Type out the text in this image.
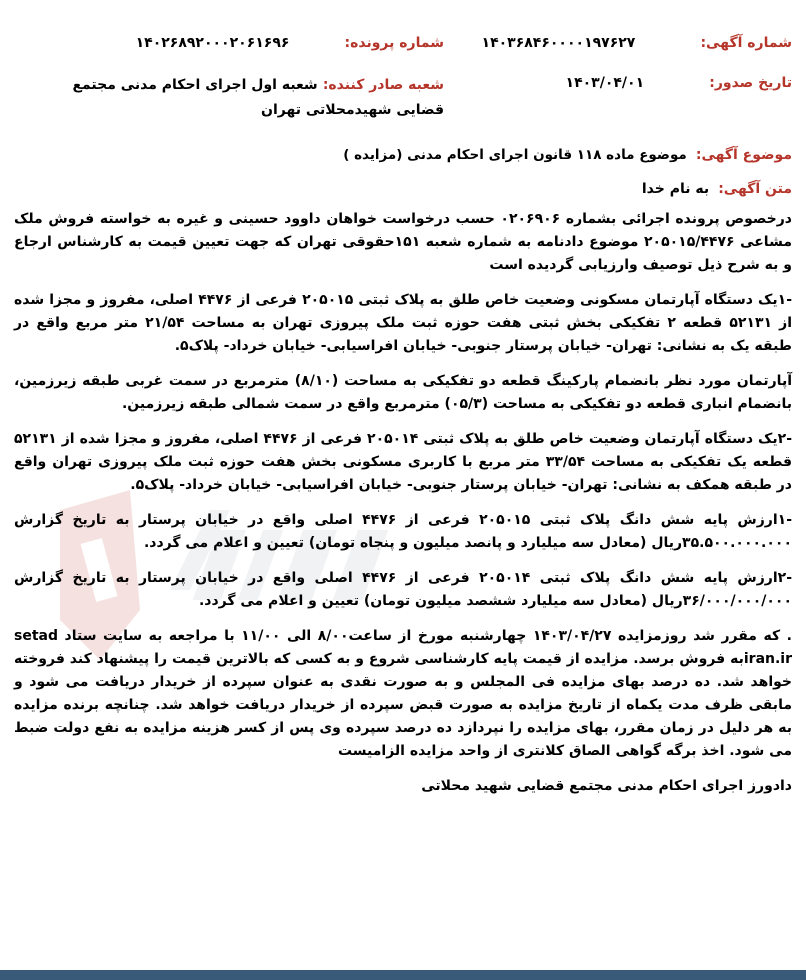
شماره آگهی: ۱۴۰۳۶۸۴۶۰۰۰۰۱۹۷۶۲۷
شماره پرونده: ۱۴۰۲۶۸۹۲۰۰۰۲۰۶۱۶۹۶
تاریخ صدور: ۱۴۰۳/۰۴/۰۱
شعبه صادر کننده: شعبه اول اجرای احکام مدنی مجتمع قضایی شهیدمحلاتی تهران
موضوع آگهی: موضوع ماده ۱۱۸ قانون اجرای احکام مدنی (مزایده )
متن آگهی: به نام خدا

درخصوص پرونده اجرائی بشماره ۰۲۰۶۹۰۶ حسب درخواست خواهان داوود حسینی و غیره به خواسته فروش ملک مشاعی ۲۰۵۰۱۵/۴۴۷۶ موضوع دادنامه به شماره شعبه ۱۵۱حقوقی تهران که جهت تعیین قیمت به کارشناس ارجاع و به شرح ذیل توصیف وارزیابی گردیده است

-۱یک دستگاه آپارتمان مسکونی وضعیت خاص طلق به پلاک ثبتی ۲۰۵۰۱۵ فرعی از ۴۴۷۶ اصلی، مفروز و مجزا شده از ۵۲۱۳۱ قطعه ۲ تفکیکی بخش ثبتی هفت حوزه ثبت ملک پیروزی تهران به مساحت ۲۱/۵۴ متر مربع واقع در طبقه یک به نشانی: تهران- خیابان پرستار جنوبی- خیابان افراسیابی- خیابان خرداد- پلاک۵.

آپارتمان مورد نظر بانضمام پارکینگ قطعه دو تفکیکی به مساحت (۸/۱۰) مترمربع در سمت غربی طبقه زیرزمین، بانضمام انباری قطعه دو تفکیکی به مساحت (۰۵/۳) مترمربع واقع در سمت شمالی طبقه زیرزمین.

-۲یک دستگاه آپارتمان وضعیت خاص طلق به پلاک ثبتی ۲۰۵۰۱۴ فرعی از ۴۴۷۶ اصلی، مفروز و مجزا شده از ۵۲۱۳۱ قطعه یک تفکیکی به مساحت ۳۳/۵۴ متر مربع با کاربری مسکونی بخش هفت حوزه ثبت ملک پیروزی تهران واقع در طبقه همکف به نشانی: تهران- خیابان پرستار جنوبی- خیابان افراسیابی- خیابان خرداد- پلاک۵.

-۱ارزش پایه شش دانگ پلاک ثبتی ۲۰۵۰۱۵ فرعی از ۴۴۷۶ اصلی واقع در خیابان پرستار به تاریخ گزارش ۳۵.۵۰۰.۰۰۰.۰۰۰ریال (معادل سه میلیارد و پانصد میلیون و پنجاه تومان) تعیین و اعلام می گردد.

-۲ارزش پایه شش دانگ پلاک ثبتی ۲۰۵۰۱۴ فرعی از ۴۴۷۶ اصلی واقع در خیابان پرستار به تاریخ گزارش ۳۶/۰۰۰/۰۰۰/۰۰۰ریال (معادل سه میلیارد ششصد میلیون تومان) تعیین و اعلام می گردد.

. که مقرر شد روزمزایده ۱۴۰۳/۰۴/۲۷ چهارشنبه مورخ از ساعت۸/۰۰ الی ۱۱/۰۰ با مراجعه به سایت ستاد setad iran.irبه فروش برسد. مزایده از قیمت پایه کارشناسی شروع و به کسی که بالاترین قیمت را پیشنهاد کند فروخته خواهد شد. ده درصد بهای مزایده فی المجلس و به صورت نقدی به عنوان سپرده از خریدار دریافت می شود و مابقی ظرف مدت یکماه از تاریخ مزایده به صورت قبض سپرده از خریدار دریافت خواهد شد. چنانچه برنده مزایده به هر دلیل در زمان مقرر، بهای مزایده را نپردازد ده درصد سپرده وی پس از کسر هزینه مزایده به نفع دولت ضبط می شود. اخذ برگه گواهی الصاق کلانتری از واحد مزایده الزامیست

دادورز اجرای احکام مدنی مجتمع قضایی شهید محلاتی
